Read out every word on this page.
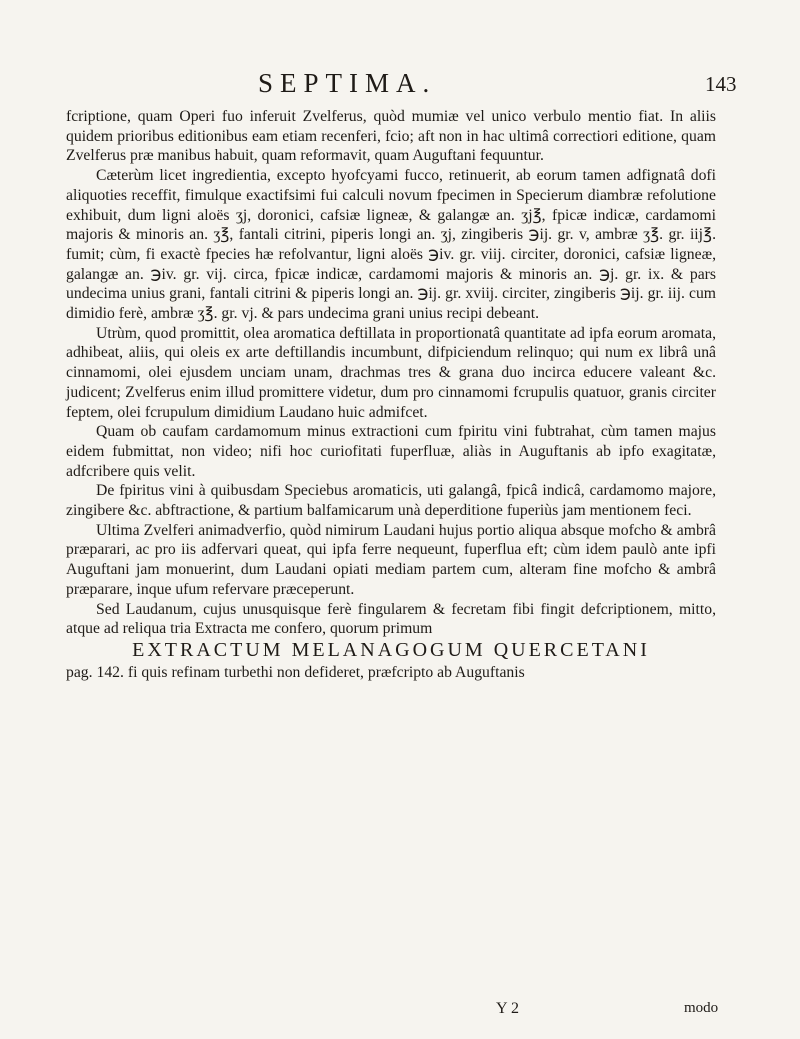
SEPTIMA.	143

fcriptione, quam Operi fuo inferuit Zvelferus, quòd mumiæ vel unico verbulo mentio fiat. In aliis quidem prioribus editionibus eam etiam recenferi, fcio; aft non in hac ultimâ correctiori editione, quam Zvelferus præ manibus habuit, quam reformavit, quam Auguftani fequuntur.

Cæterùm licet ingredientia, excepto hyofcyami fucco, retinuerit, ab eorum tamen adfignatâ dofi aliquoties receffit, fimulque exactifsimi fui calculi novum fpecimen in Specierum diambræ refolutione exhibuit, dum ligni aloës ʒj, doronici, cafsiæ ligneæ, & galangæ an. ʒj℥, fpicæ indicæ, cardamomi majoris & minoris an. ʒ℥, fantali citrini, piperis longi an. ʒj, zingiberis ℈ij. gr. v, ambræ ʒ℥. gr. iij℥. fumit; cùm, fi exactè fpecies hæ refolvantur, ligni aloës ℈iv. gr. viij. circiter, doronici, cafsiæ ligneæ, galangæ an. ℈iv. gr. vij. circa, fpicæ indicæ, cardamomi majoris & minoris an. ℈j. gr. ix. & pars undecima unius grani, fantali citrini & piperis longi an. ℈ij. gr. xviij. circiter, zingiberis ℈ij. gr. iij. cum dimidio ferè, ambræ ʒ℥. gr. vj. & pars undecima grani unius recipi debeant.

Utrùm, quod promittit, olea aromatica deftillata in proportionatâ quantitate ad ipfa eorum aromata, adhibeat, aliis, qui oleis ex arte deftillandis incumbunt, difpiciendum relinquo; qui num ex librâ unâ cinnamomi, olei ejusdem unciam unam, drachmas tres & grana duo incirca educere valeant &c. judicent; Zvelferus enim illud promittere videtur, dum pro cinnamomi fcrupulis quatuor, granis circiter feptem, olei fcrupulum dimidium Laudano huic admifcet.

Quam ob caufam cardamomum minus extractioni cum fpiritu vini fubtrahat, cùm tamen majus eidem fubmittat, non video; nifi hoc curiofitati fuperfluæ, aliàs in Auguftanis ab ipfo exagitatæ, adfcribere quis velit.

De fpiritus vini à quibusdam Speciebus aromaticis, uti galangâ, fpicâ indicâ, cardamomo majore, zingibere &c. abftractione, & partium balfamicarum unà deperditione fuperiùs jam mentionem feci.

Ultima Zvelferi animadverfio, quòd nimirum Laudani hujus portio aliqua absque mofcho & ambrâ præparari, ac pro iis adfervari queat, qui ipfa ferre nequeunt, fuperflua eft; cùm idem paulò ante ipfi Auguftani jam monuerint, dum Laudani opiati mediam partem cum, alteram fine mofcho & ambrâ præparare, inque ufum refervare præceperunt.

Sed Laudanum, cujus unusquisque ferè fingularem & fecretam fibi fingit defcriptionem, mitto, atque ad reliqua tria Extracta me confero, quorum primum

EXTRACTUM MELANAGOGUM QUERCETANI

pag. 142. fi quis refinam turbethi non defideret, præfcripto ab Auguftanis

Y 2	modo
